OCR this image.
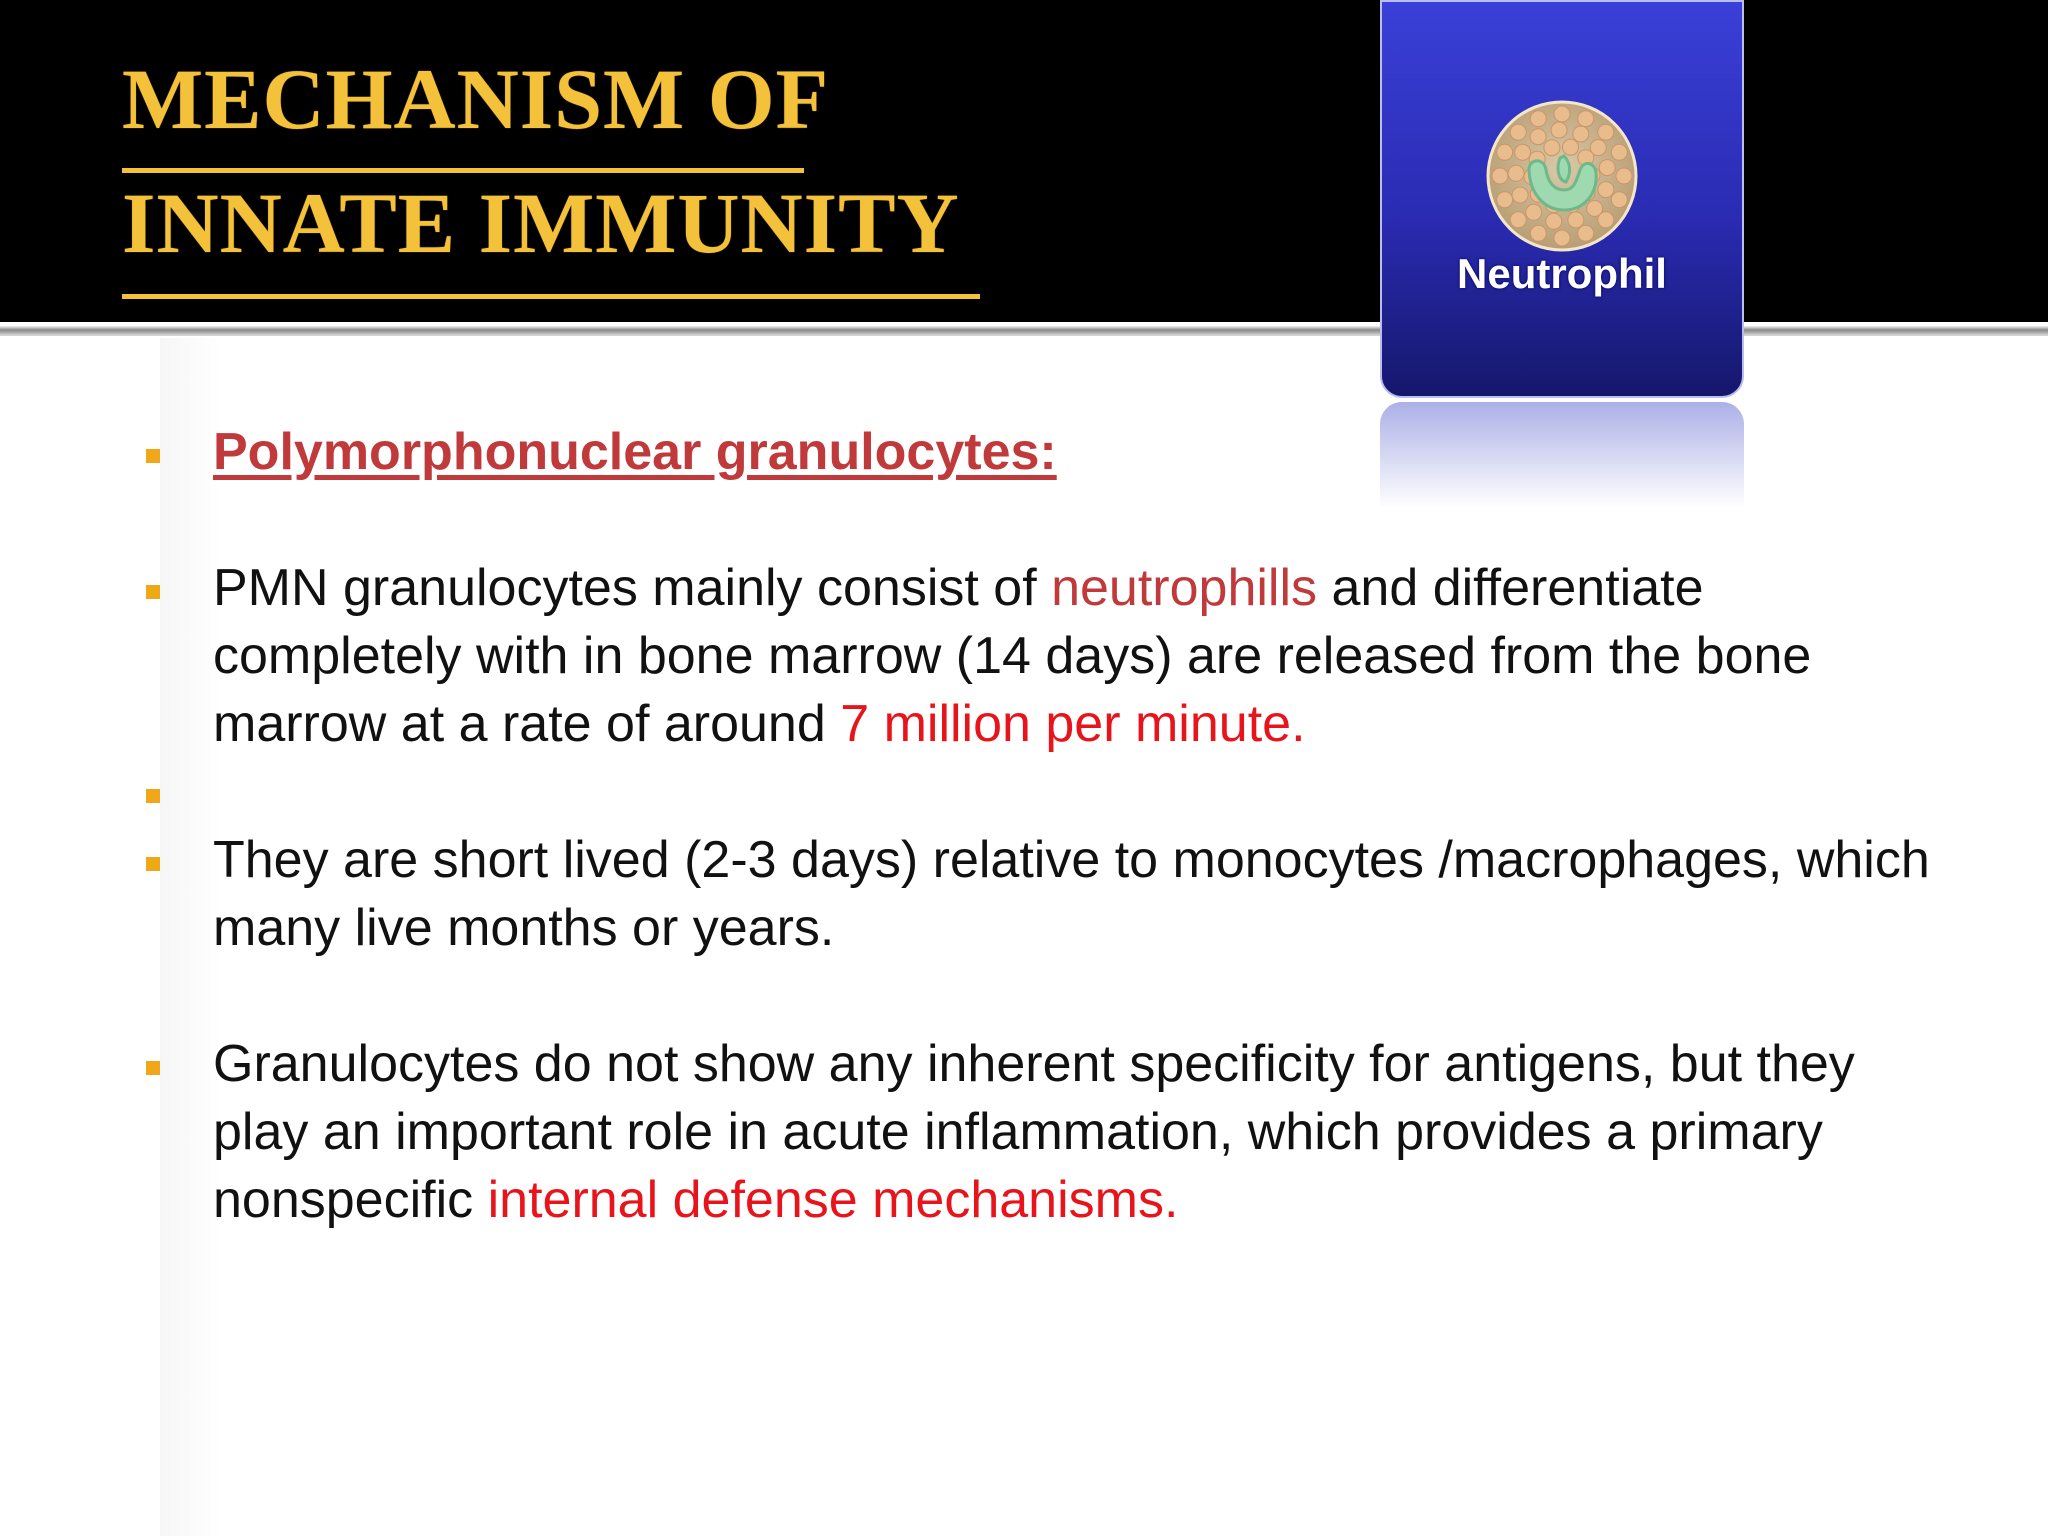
MECHANISM OF
INNATE IMMUNITY
Neutrophil
Polymorphonuclear granulocytes:
PMN granulocytes mainly consist of neutrophills and differentiate completely with in bone marrow (14 days) are released from the bone marrow at a rate of around 7 million per minute.
They are short lived (2-3 days) relative to monocytes /macrophages, which many live months or years.
Granulocytes do not show any inherent specificity for antigens, but they play an important role in acute inflammation, which provides a primary nonspecific internal defense mechanisms.
